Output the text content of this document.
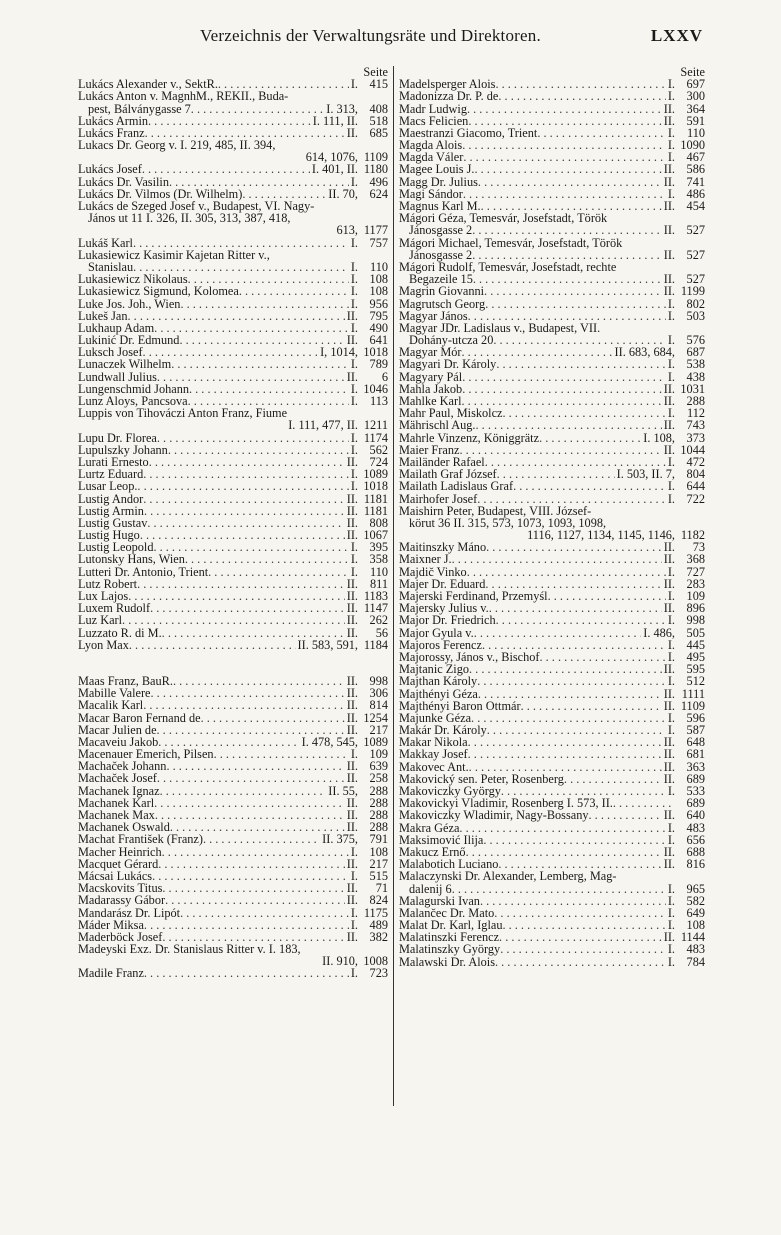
Verzeichnis der Verwaltungsräte und Direktoren.	LXXV
Seite
Lukács Alexander v., SektR. . . .	I. 415
Lukács Anton v. MagnhM., REKII., Buda-
pest, Bálványgasse 7 . . .	I. 313, 408
Lukács Armin . . .	I. 111, II. 518
Lukács Franz . . .	II. 685
Lukacs Dr. Georg v. I. 219, 485, II. 394,
614, 1076, 1109
Lukács Josef . . .	I. 401, II. 1180
Lukács Dr. Vasilin . . .	I. 496
Lukács Dr. Vilmos (Dr. Wilhelm) . . .	II. 70, 624
Lukács de Szeged Josef v., Budapest, VI. Nagy-
János ut 11 I. 326, II. 305, 313, 387, 418,
613, 1177
Lukáš Karl . . .	I. 757
Lukasiewicz Kasimir Kajetan Ritter v.,
Stanislau . . .	I. 110
Lukasiewicz Nikolaus . . .	I. 108
Lukasiewicz Sigmund, Kolomea . . .	I. 108
Luke Jos. Joh., Wien . . .	I. 956
Lukeš Jan . . .	II. 795
Lukhaup Adam . . .	I. 490
Lukinić Dr. Edmund . . .	II. 641
Luksch Josef . . .	I, 1014, 1018
Lunaczek Wilhelm . . .	I. 789
Lundwall Julius . . .	II.	6
Lungenschmid Johann . . .	I. 1046
Lunz Aloys, Pancsova . . .	I. 113
Luppis von Tihováczi Anton Franz, Fiume
I. 111, 477, II. 1211
Lupu Dr. Florea . . .	I. 1174
Lupulszky Johann . . .	I. 562
Lurati Ernesto . . .	II. 724
Lurtz Eduard . . .	I. 1089
Lusar Leop. . . .	I. 1018
Lustig Andor . . .	II. 1181
Lustig Armin . . .	II. 1181
Lustig Gustav . . .	II. 808
Lustig Hugo . . .	II. 1067
Lustig Leopold . . .	I. 395
Lutonsky Hans, Wien . . .	I. 358
Lutteri Dr. Antonio, Trient . . .	I. 110
Lutz Robert . . .	II. 811
Lux Lajos . . .	II. 1183
Luxem Rudolf . . .	II. 1147
Luz Karl . . .	II. 262
Luzzato R. di M. . . .	II.	56
Lyon Max . . .	II. 583, 591, 1184
Maas Franz, BauR. . . .	II. 998
Mabille Valere . . .	II. 306
Macalik Karl . . .	II. 814
Macar Baron Fernand de . . .	II. 1254
Macar Julien de . . .	II. 217
Macaveiu Jakob . . .	I. 478, 545, 1089
Macenauer Emerich, Pilsen . . .	I. 109
Machaček Johann . . .	II. 639
Machaček Josef . . .	II. 258
Machanek Ignaz . . .	II. 55, 288
Machanek Karl . . .	II. 288
Machanek Max . . .	II. 288
Machanek Oswald . . .	II. 288
Machat František (Franz) . . .	II. 375, 791
Macher Heinrich . . .	I. 108
Macquet Gérard . . .	II. 217
Mácsai Lukács . . .	I. 515
Macskovits Titus . . .	II.	71
Madarassy Gábor . . .	II. 824
Mandarász Dr. Lipót . . .	I. 1175
Máder Miksa . . .	I. 489
Maderböck Josef . . .	II. 382
Madeyski Exz. Dr. Stanislaus Ritter v. I. 183,
II. 910, 1008
Madile Franz . . .	I. 723
Seite
Madelsperger Alois . . .	I. 697
Madonizza Dr. P. de . . .	I. 300
Madr Ludwig . . .	II. 364
Macs Felicien . . .	II. 591
Maestranzi Giacomo, Trient . . .	I. 110
Magda Alois . . .	I. 1090
Magda Váler . . .	I. 467
Magee Louis J. . . .	II. 586
Magg Dr. Julius . . .	II. 741
Magi Sándor . . .	I. 486
Magnus Karl M. . . .	II. 454
Mágori Géza, Temesvár, Josefstadt, Török
Jánosgasse 2 . . .	II. 527
Mágori Michael, Temesvár, Josefstadt, Török
Jánosgasse 2 . . .	II. 527
Mágori Rudolf, Temesvár, Josefstadt, rechte
Begazeile 15 . . .	II. 527
Magrin Giovanni . . .	II. 1199
Magrutsch Georg . . .	I. 802
Magyar János . . .	I. 503
Magyar JDr. Ladislaus v., Budapest, VII.
Dohány-utcza 20 . . .	I. 576
Magyar Mór . . .	II. 683, 684, 687
Magyari Dr. Károly . . .	I. 538
Magyary Pál . . .	I. 438
Mahla Jakob . . .	II. 1031
Mahlke Karl . . .	II. 288
Mahr Paul, Miskolcz . . .	I. 112
Mährischl Aug. . . .	II. 743
Mahrle Vinzenz, Königgrätz . . .	I. 108, 373
Maier Franz . . .	II. 1044
Mailänder Rafael . . .	I. 472
Mailath Graf József . . .	I. 503, II. 7, 804
Mailath Ladislaus Graf . . .	I. 644
Mairhofer Josef . . .	I. 722
Maishirn Peter, Budapest, VIII. József-
körut 36 II. 315, 573, 1073, 1093, 1098,
1116, 1127, 1134, 1145, 1146, 1182
Maitinszky Máno . . .	II.	73
Maixner J. . . .	II. 368
Majdič Vinko . . .	I. 727
Majer Dr. Eduard . . .	II. 283
Majerski Ferdinand, Przemyśl . . .	I. 109
Majersky Julius v. . . .	II. 896
Major Dr. Friedrich . . .	I. 998
Major Gyula v. . . .	I. 486, 505
Majoros Ferencz . . .	I. 445
Majorossy, János v., Bischof . . .	I. 495
Majtanic Zigo . . .	II. 595
Majthan Károly . . .	I. 512
Majthényi Géza . . .	II. 1111
Majthényi Baron Ottmár . . .	II. 1109
Majunke Géza . . .	I. 596
Makár Dr. Károly . . .	I. 587
Makar Nikola . . .	II. 648
Makkay Josef . . .	II. 681
Makovec Ant. . . .	II. 363
Makovický sen. Peter, Rosenberg . . .	II. 689
Makoviczky György . . .	I. 533
Makovickyi Vladimir, Rosenberg I. 573, II. . . .	689
Makoviczky Wladimir, Nagy-Bossany . . .	II. 640
Makra Géza . . .	I. 483
Maksimović Ilija . . .	I. 656
Makucz Ernő . . .	II. 688
Malabotich Luciano . . .	II. 816
Malaczynski Dr. Alexander, Lemberg, Mag-
dalenij 6 . . .	I. 965
Malagurski Ivan . . .	I. 582
Malančec Dr. Mato . . .	I. 649
Malat Dr. Karl, Iglau . . .	I. 108
Malatinszki Ferencz . . .	II. 1144
Malatinszky György . . .	I. 483
Malawski Dr. Alois . . .	I. 784
